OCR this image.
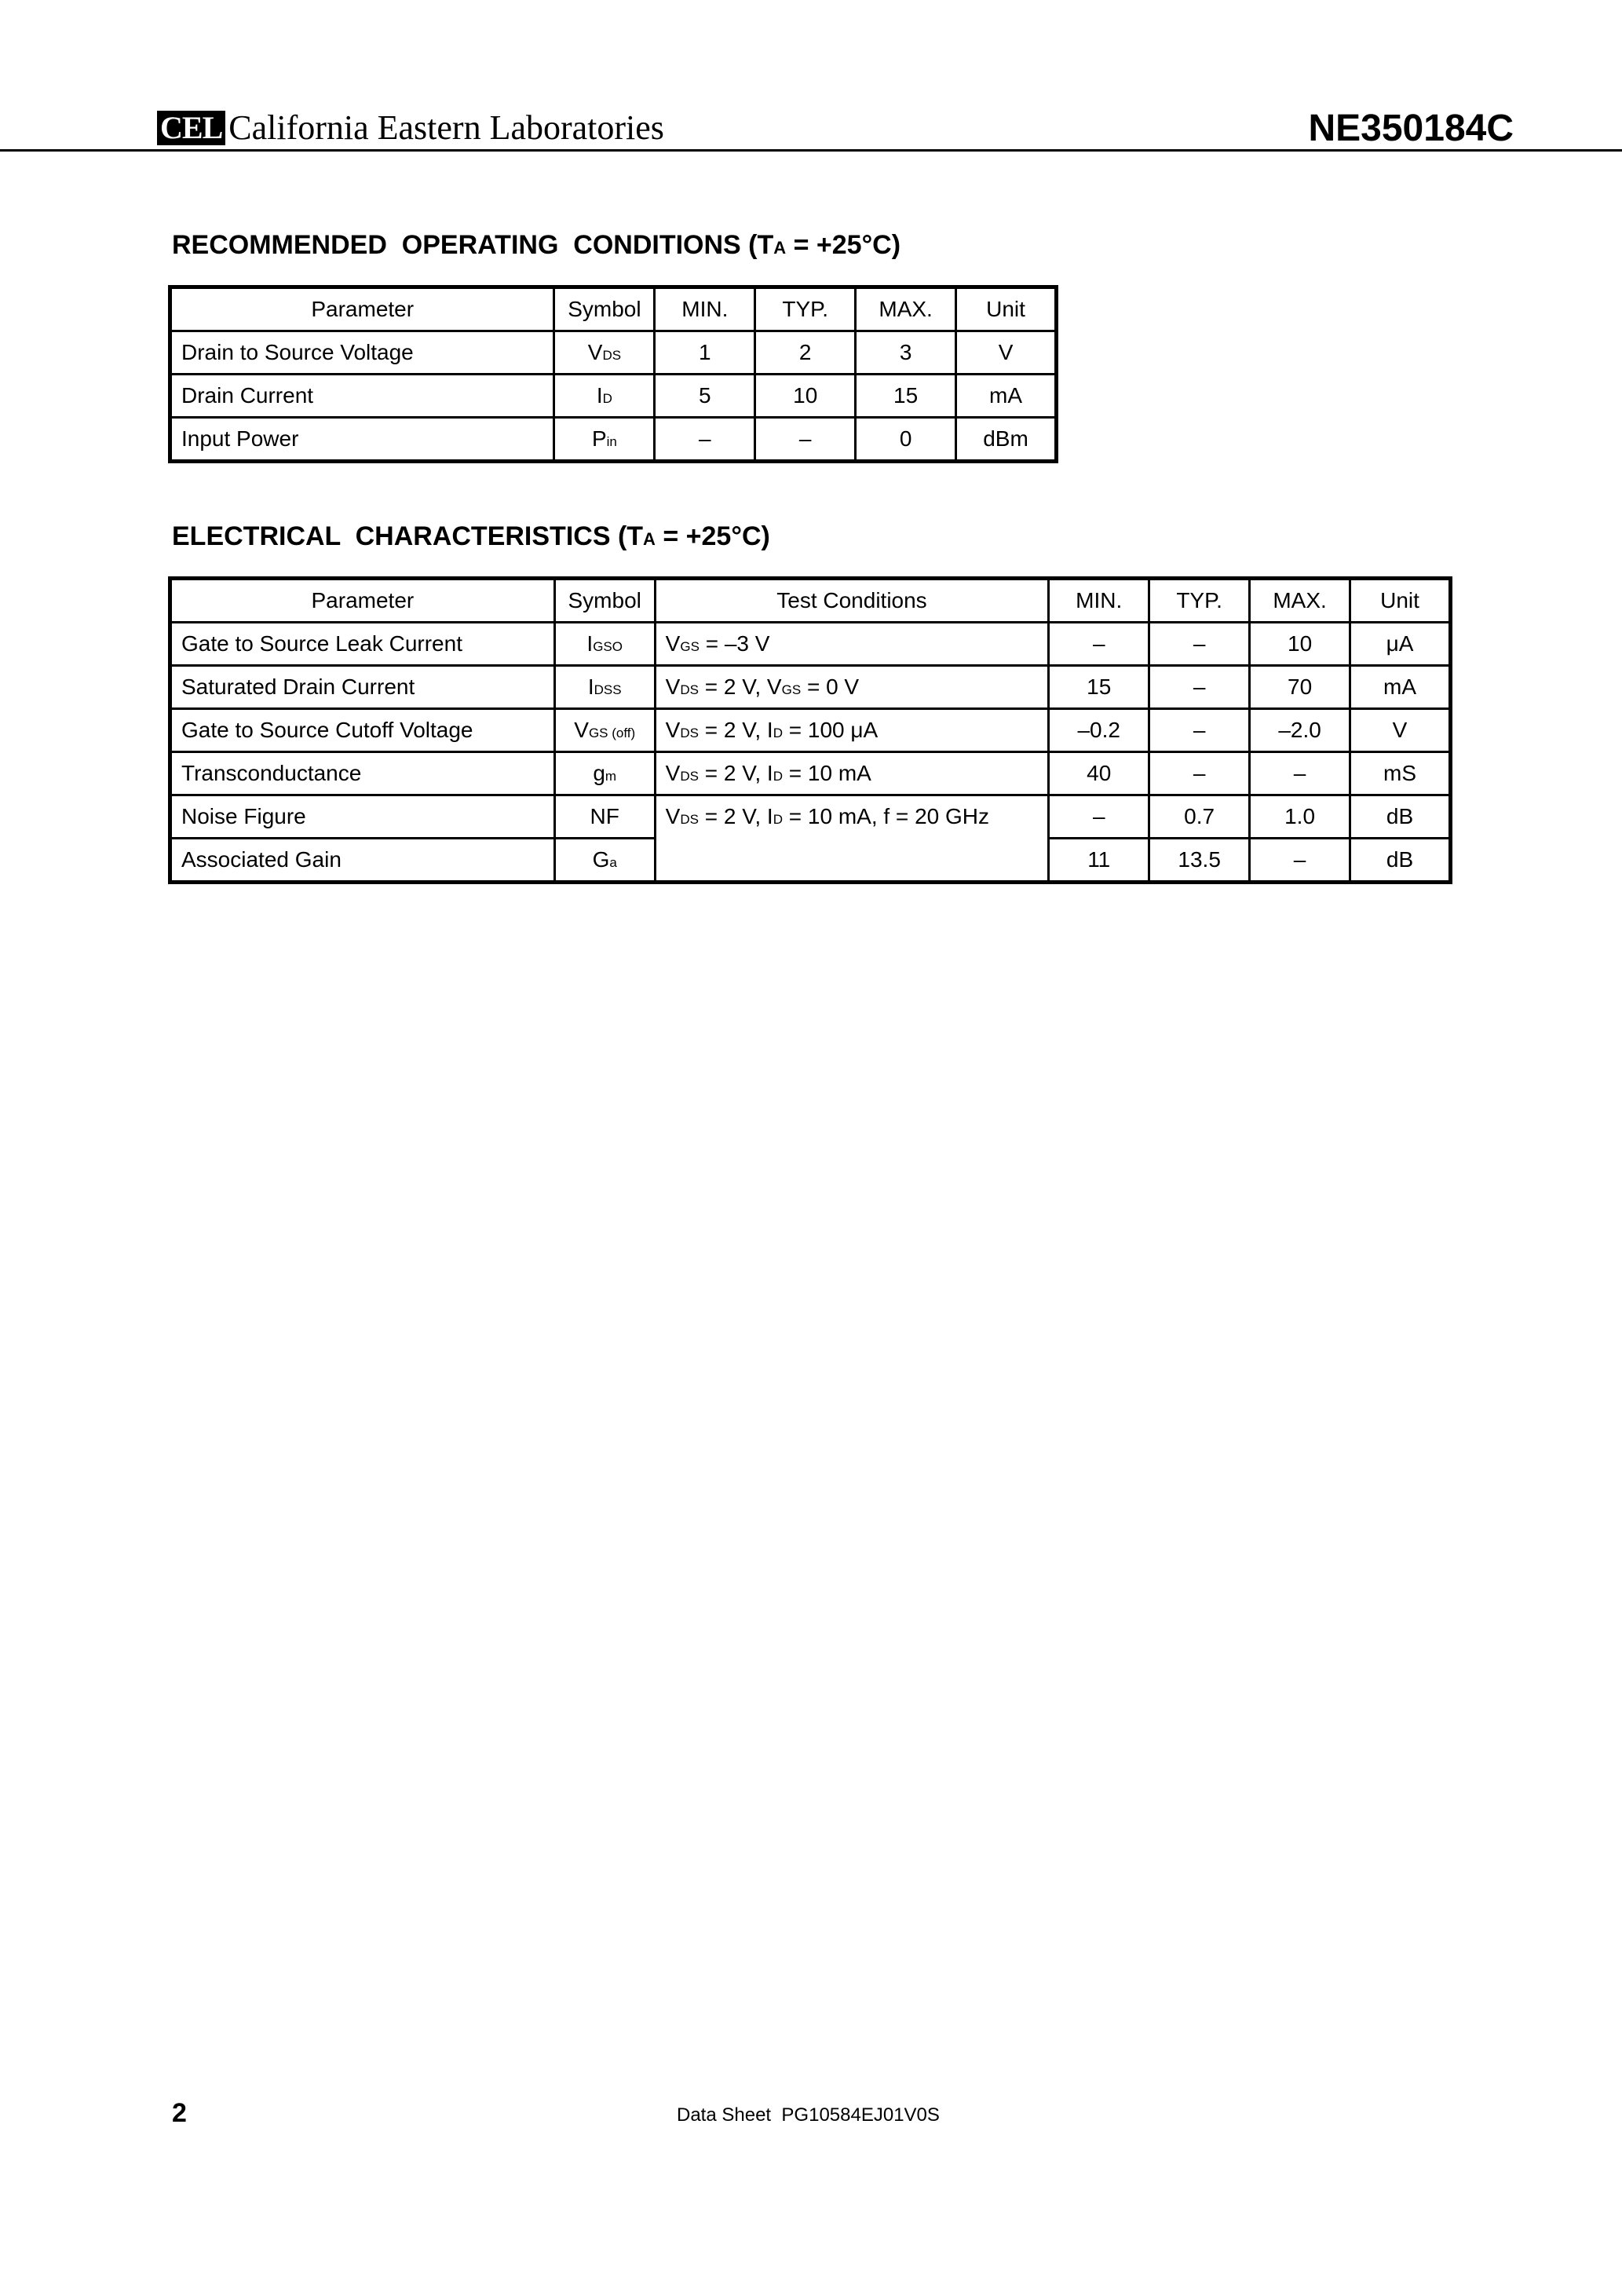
CEL California Eastern Laboratories	NE350184C
RECOMMENDED  OPERATING  CONDITIONS (TA = +25°C)
Parameter	Symbol	MIN.	TYP.	MAX.	Unit
Drain to Source Voltage	VDS	1	2	3	V
Drain Current	ID	5	10	15	mA
Input Power	Pin	–	–	0	dBm
ELECTRICAL  CHARACTERISTICS (TA = +25°C)
Parameter	Symbol	Test Conditions	MIN.	TYP.	MAX.	Unit
Gate to Source Leak Current	IGSO	VGS = –3 V	–	–	10	μA
Saturated Drain Current	IDSS	VDS = 2 V, VGS = 0 V	15	–	70	mA
Gate to Source Cutoff Voltage	VGS (off)	VDS = 2 V, ID = 100 μA	–0.2	–	–2.0	V
Transconductance	gm	VDS = 2 V, ID = 10 mA	40	–	–	mS
Noise Figure	NF	VDS = 2 V, ID = 10 mA, f = 20 GHz	–	0.7	1.0	dB
Associated Gain	Ga		11	13.5	–	dB
2	Data Sheet  PG10584EJ01V0S
